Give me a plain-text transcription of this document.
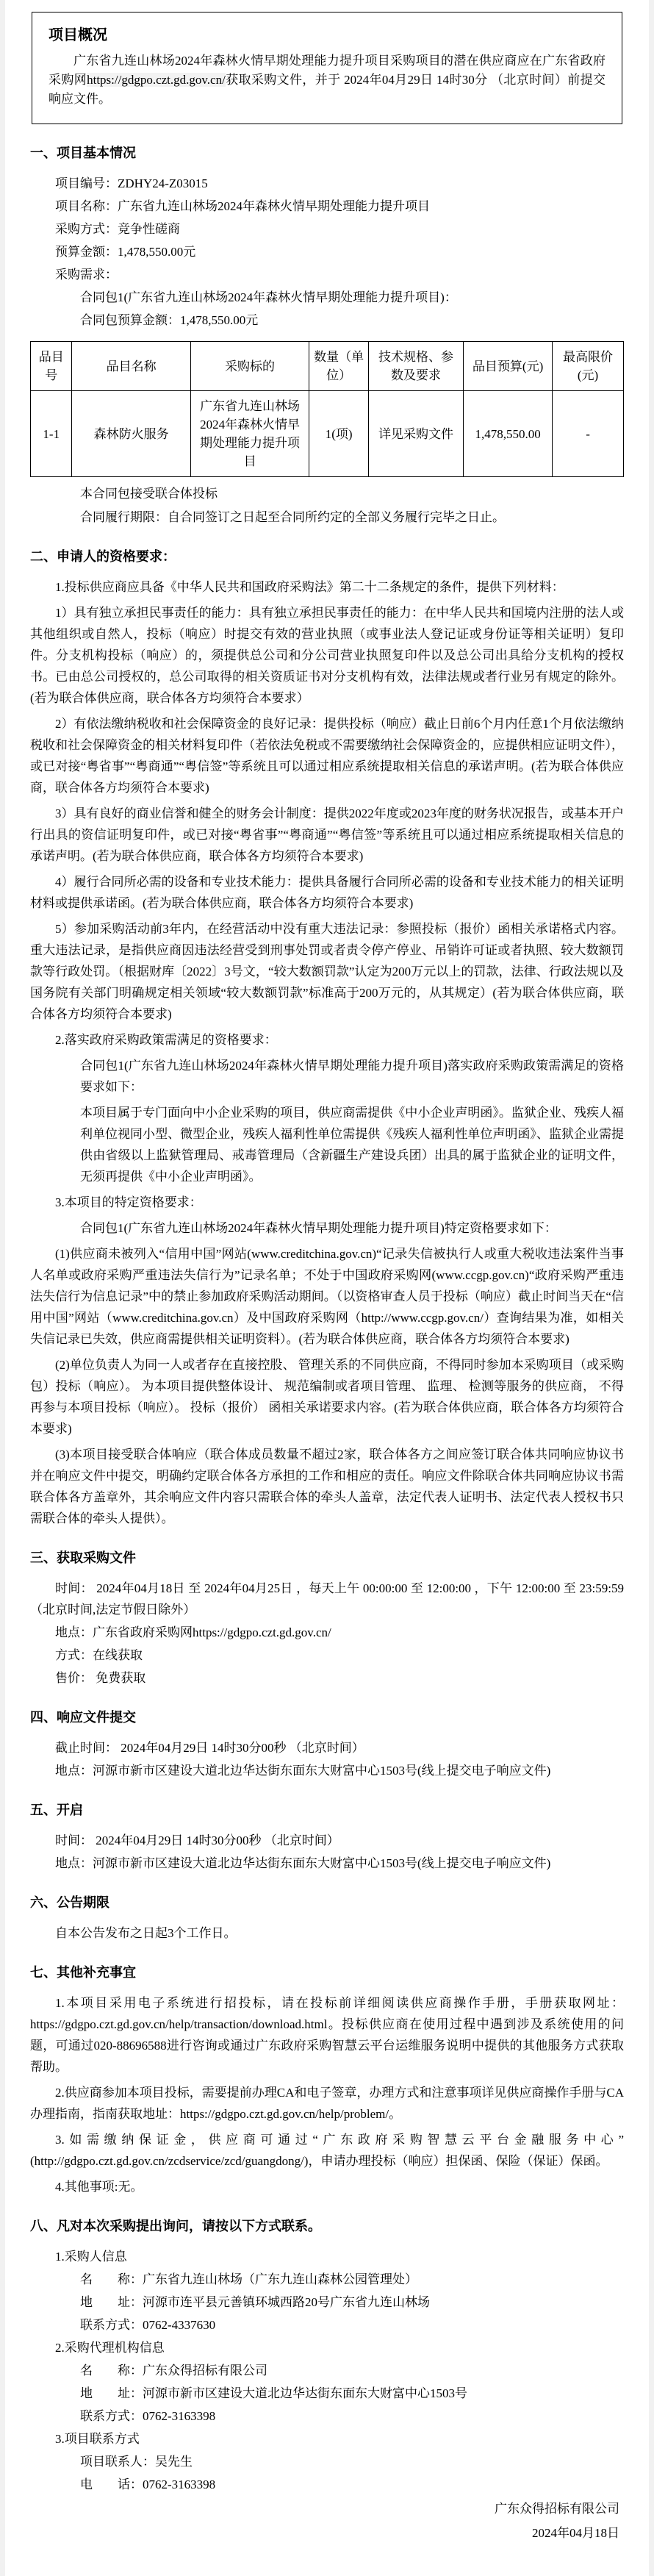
项目概况

广东省九连山林场2024年森林火情早期处理能力提升项目采购项目的潜在供应商应在广东省政府采购网https://gdgpo.czt.gd.gov.cn/获取采购文件，并于 2024年04月29日 14时30分 （北京时间）前提交响应文件。

一、项目基本情况

项目编号：ZDHY24-Z03015

项目名称：广东省九连山林场2024年森林火情早期处理能力提升项目

采购方式：竞争性磋商

预算金额：1,478,550.00元

采购需求：

合同包1(广东省九连山林场2024年森林火情早期处理能力提升项目)：

合同包预算金额：1,478,550.00元

品目号	品目名称	采购标的	数量（单位）	技术规格、参数及要求	品目预算(元)	最高限价(元)
1-1	森林防火服务	广东省九连山林场2024年森林火情早期处理能力提升项目	1(项)	详见采购文件	1,478,550.00	-

本合同包接受联合体投标

合同履行期限：自合同签订之日起至合同所约定的全部义务履行完毕之日止。

二、申请人的资格要求：

1.投标供应商应具备《中华人民共和国政府采购法》第二十二条规定的条件，提供下列材料：

1）具有独立承担民事责任的能力：具有独立承担民事责任的能力：在中华人民共和国境内注册的法人或其他组织或自然人，投标（响应）时提交有效的营业执照（或事业法人登记证或身份证等相关证明）复印件。分支机构投标（响应）的，须提供总公司和分公司营业执照复印件以及总公司出具给分支机构的授权书。已由总公司授权的，总公司取得的相关资质证书对分支机构有效，法律法规或者行业另有规定的除外。(若为联合体供应商，联合体各方均须符合本要求）

2）有依法缴纳税收和社会保障资金的良好记录：提供投标（响应）截止日前6个月内任意1个月依法缴纳税收和社会保障资金的相关材料复印件（若依法免税或不需要缴纳社会保障资金的，应提供相应证明文件），或已对接“粤省事”“粤商通”“粤信签”等系统且可以通过相应系统提取相关信息的承诺声明。(若为联合体供应商，联合体各方均须符合本要求)

3）具有良好的商业信誉和健全的财务会计制度：提供2022年度或2023年度的财务状况报告，或基本开户行出具的资信证明复印件，或已对接“粤省事”“粤商通”“粤信签”等系统且可以通过相应系统提取相关信息的承诺声明。(若为联合体供应商，联合体各方均须符合本要求)

4）履行合同所必需的设备和专业技术能力：提供具备履行合同所必需的设备和专业技术能力的相关证明材料或提供承诺函。(若为联合体供应商，联合体各方均须符合本要求)

5）参加采购活动前3年内，在经营活动中没有重大违法记录：参照投标（报价）函相关承诺格式内容。 重大违法记录，是指供应商因违法经营受到刑事处罚或者责令停产停业、吊销许可证或者执照、较大数额罚款等行政处罚。（根据财库〔2022〕3号文，“较大数额罚款”认定为200万元以上的罚款，法律、行政法规以及国务院有关部门明确规定相关领域“较大数额罚款”标准高于200万元的，从其规定）(若为联合体供应商，联合体各方均须符合本要求)

2.落实政府采购政策需满足的资格要求：

合同包1(广东省九连山林场2024年森林火情早期处理能力提升项目)落实政府采购政策需满足的资格要求如下：

本项目属于专门面向中小企业采购的项目，供应商需提供《中小企业声明函》。监狱企业、残疾人福利单位视同小型、微型企业，残疾人福利性单位需提供《残疾人福利性单位声明函》、监狱企业需提供由省级以上监狱管理局、戒毒管理局（含新疆生产建设兵团）出具的属于监狱企业的证明文件，无须再提供《中小企业声明函》。

3.本项目的特定资格要求：

合同包1(广东省九连山林场2024年森林火情早期处理能力提升项目)特定资格要求如下：

(1)供应商未被列入“信用中国”网站(www.creditchina.gov.cn)“记录失信被执行人或重大税收违法案件当事人名单或政府采购严重违法失信行为”记录名单；不处于中国政府采购网(www.ccgp.gov.cn)“政府采购严重违法失信行为信息记录”中的禁止参加政府采购活动期间。（以资格审查人员于投标（响应）截止时间当天在“信用中国”网站（www.creditchina.gov.cn）及中国政府采购网（http://www.ccgp.gov.cn/）查询结果为准，如相关失信记录已失效，供应商需提供相关证明资料）。(若为联合体供应商，联合体各方均须符合本要求)

(2)单位负责人为同一人或者存在直接控股、 管理关系的不同供应商，不得同时参加本采购项目（或采购包）投标（响应）。 为本项目提供整体设计、 规范编制或者项目管理、 监理、 检测等服务的供应商， 不得再参与本项目投标（响应）。 投标（报价） 函相关承诺要求内容。(若为联合体供应商，联合体各方均须符合本要求)

(3)本项目接受联合体响应（联合体成员数量不超过2家，联合体各方之间应签订联合体共同响应协议书并在响应文件中提交，明确约定联合体各方承担的工作和相应的责任。响应文件除联合体共同响应协议书需联合体各方盖章外，其余响应文件内容只需联合体的牵头人盖章，法定代表人证明书、法定代表人授权书只需联合体的牵头人提供）。

三、获取采购文件

时间： 2024年04月18日 至 2024年04月25日 ，每天上午 00:00:00 至 12:00:00 ，下午 12:00:00 至 23:59:59（北京时间,法定节假日除外）

地点：广东省政府采购网https://gdgpo.czt.gd.gov.cn/

方式：在线获取

售价： 免费获取

四、响应文件提交

截止时间： 2024年04月29日 14时30分00秒 （北京时间）

地点：河源市新市区建设大道北边华达街东面东大财富中心1503号(线上提交电子响应文件)

五、开启

时间： 2024年04月29日 14时30分00秒 （北京时间）

地点：河源市新市区建设大道北边华达街东面东大财富中心1503号(线上提交电子响应文件)

六、公告期限

自本公告发布之日起3个工作日。

七、其他补充事宜

1.本项目采用电子系统进行招投标，请在投标前详细阅读供应商操作手册，手册获取网址：https://gdgpo.czt.gd.gov.cn/help/transaction/download.html。投标供应商在使用过程中遇到涉及系统使用的问题，可通过020-88696588进行咨询或通过广东政府采购智慧云平台运维服务说明中提供的其他服务方式获取帮助。

2.供应商参加本项目投标，需要提前办理CA和电子签章，办理方式和注意事项详见供应商操作手册与CA办理指南，指南获取地址：https://gdgpo.czt.gd.gov.cn/help/problem/。

3.如需缴纳保证金，供应商可通过“广东政府采购智慧云平台金融服务中心”(http://gdgpo.czt.gd.gov.cn/zcdservice/zcd/guangdong/)，申请办理投标（响应）担保函、保险（保证）保函。

4.其他事项:无。

八、凡对本次采购提出询问，请按以下方式联系。

1.采购人信息

名　　称：广东省九连山林场（广东九连山森林公园管理处）

地　　址：河源市连平县元善镇环城西路20号广东省九连山林场

联系方式：0762-4337630

2.采购代理机构信息

名　　称：广东众得招标有限公司

地　　址：河源市新市区建设大道北边华达街东面东大财富中心1503号

联系方式：0762-3163398

3.项目联系方式

项目联系人：吴先生

电　　话：0762-3163398

广东众得招标有限公司

2024年04月18日
